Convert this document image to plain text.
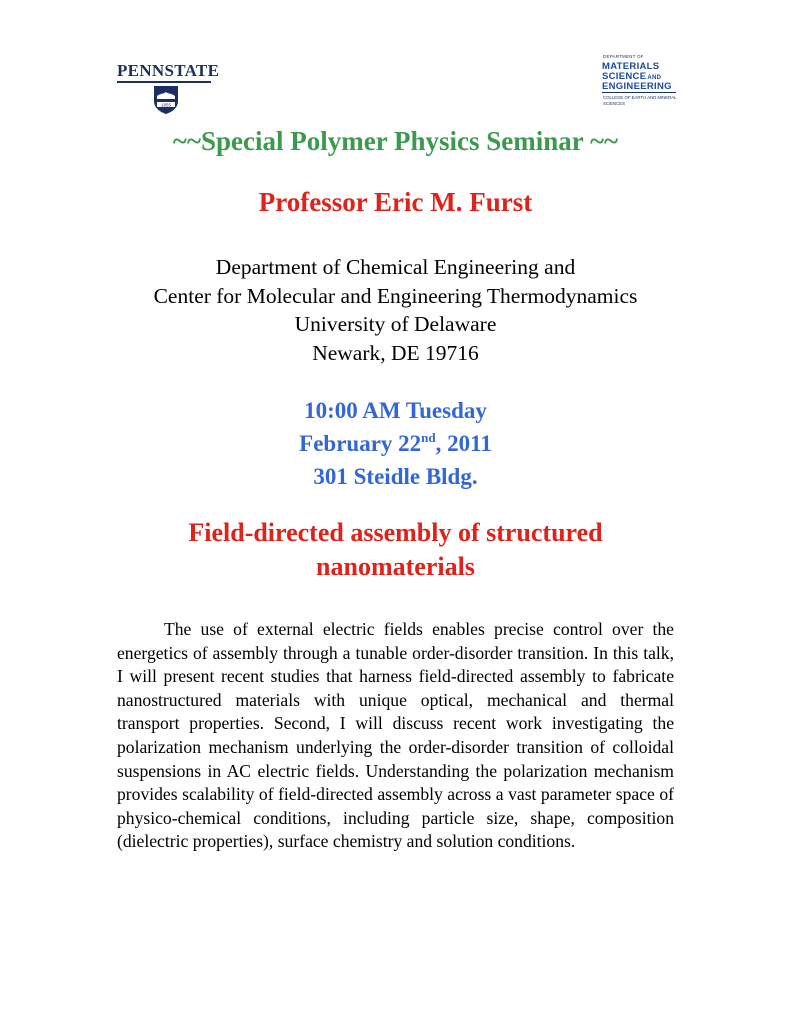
PENNSTATE
1855
DEPARTMENT OF
MATERIALS
SCIENCEAND
ENGINEERING
COLLEGE OF EARTH AND MINERAL SCIENCES
~~Special Polymer Physics Seminar ~~
Professor Eric M. Furst
Department of Chemical Engineering and
Center for Molecular and Engineering Thermodynamics
University of Delaware
Newark, DE 19716
10:00 AM Tuesday
February 22nd, 2011
301 Steidle Bldg.
Field-directed assembly of structured
nanomaterials

The use of external electric fields enables precise control over the energetics of assembly through a tunable order-disorder transition. In this talk, I will present recent studies that harness field-directed assembly to fabricate nanostructured materials with unique optical, mechanical and thermal transport properties. Second, I will discuss recent work investigating the polarization mechanism underlying the order-disorder transition of colloidal suspensions in AC electric fields. Understanding the polarization mechanism provides scalability of field-directed assembly across a vast parameter space of physico-chemical conditions, including particle size, shape, composition (dielectric properties), surface chemistry and solution conditions.
